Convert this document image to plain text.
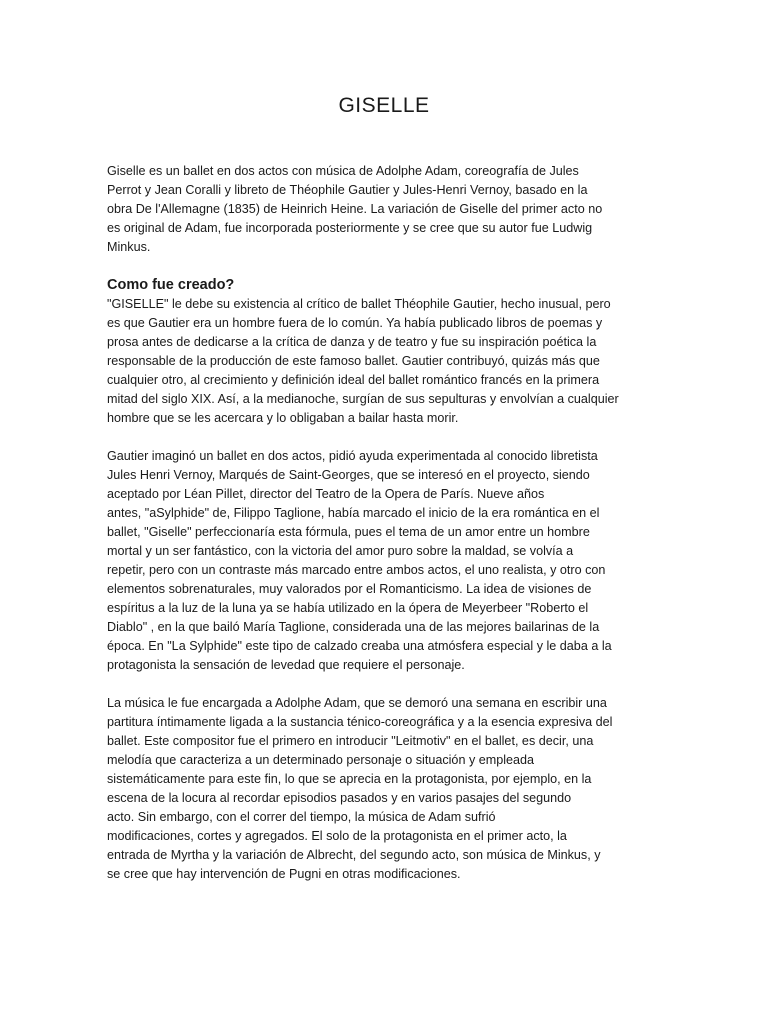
GISELLE

Giselle es un ballet en dos actos con música de Adolphe Adam, coreografía de Jules
Perrot y Jean Coralli y libreto de Théophile Gautier y Jules-Henri Vernoy, basado en la
obra De l'Allemagne (1835) de Heinrich Heine. La variación de Giselle del primer acto no
es original de Adam, fue incorporada posteriormente y se cree que su autor fue Ludwig
Minkus.

Como fue creado?

"GISELLE" le debe su existencia al crítico de ballet Théophile Gautier, hecho inusual, pero
es que Gautier era un hombre fuera de lo común. Ya había publicado libros de poemas y
prosa antes de dedicarse a la crítica de danza y de teatro y fue su inspiración poética la
responsable de la producción de este famoso ballet. Gautier contribuyó, quizás más que
cualquier otro, al crecimiento y definición ideal del ballet romántico francés en la primera
mitad del siglo XIX. Así, a la medianoche, surgían de sus sepulturas y envolvían a cualquier
hombre que se les acercara y lo obligaban a bailar hasta morir.

Gautier imaginó un ballet en dos actos, pidió ayuda experimentada al conocido libretista
Jules Henri Vernoy, Marqués de Saint-Georges, que se interesó en el proyecto, siendo
aceptado por Léan Pillet, director del Teatro de la Opera de París. Nueve años
antes, "aSylphide" de, Filippo Taglione, había marcado el inicio de la era romántica en el
ballet, "Giselle" perfeccionaría esta fórmula, pues el tema de un amor entre un hombre
mortal y un ser fantástico, con la victoria del amor puro sobre la maldad, se volvía a
repetir, pero con un contraste más marcado entre ambos actos, el uno realista, y otro con
elementos sobrenaturales, muy valorados por el Romanticismo. La idea de visiones de
espíritus a la luz de la luna ya se había utilizado en la ópera de Meyerbeer "Roberto el
Diablo" , en la que bailó María Taglione, considerada una de las mejores bailarinas de la
época. En "La Sylphide" este tipo de calzado creaba una atmósfera especial y le daba a la
protagonista la sensación de levedad que requiere el personaje.

La música le fue encargada a Adolphe Adam, que se demoró una semana en escribir una
partitura íntimamente ligada a la sustancia ténico-coreográfica y a la esencia expresiva del
ballet. Este compositor fue el primero en introducir "Leitmotiv" en el ballet, es decir, una
melodía que caracteriza a un determinado personaje o situación y empleada
sistemáticamente para este fin, lo que se aprecia en la protagonista, por ejemplo, en la
escena de la locura al recordar episodios pasados y en varios pasajes del segundo
acto. Sin embargo, con el correr del tiempo, la música de Adam sufrió
modificaciones, cortes y agregados. El solo de la protagonista en el primer acto, la
entrada de Myrtha y la variación de Albrecht, del segundo acto, son música de Minkus, y
se cree que hay intervención de Pugni en otras modificaciones.
